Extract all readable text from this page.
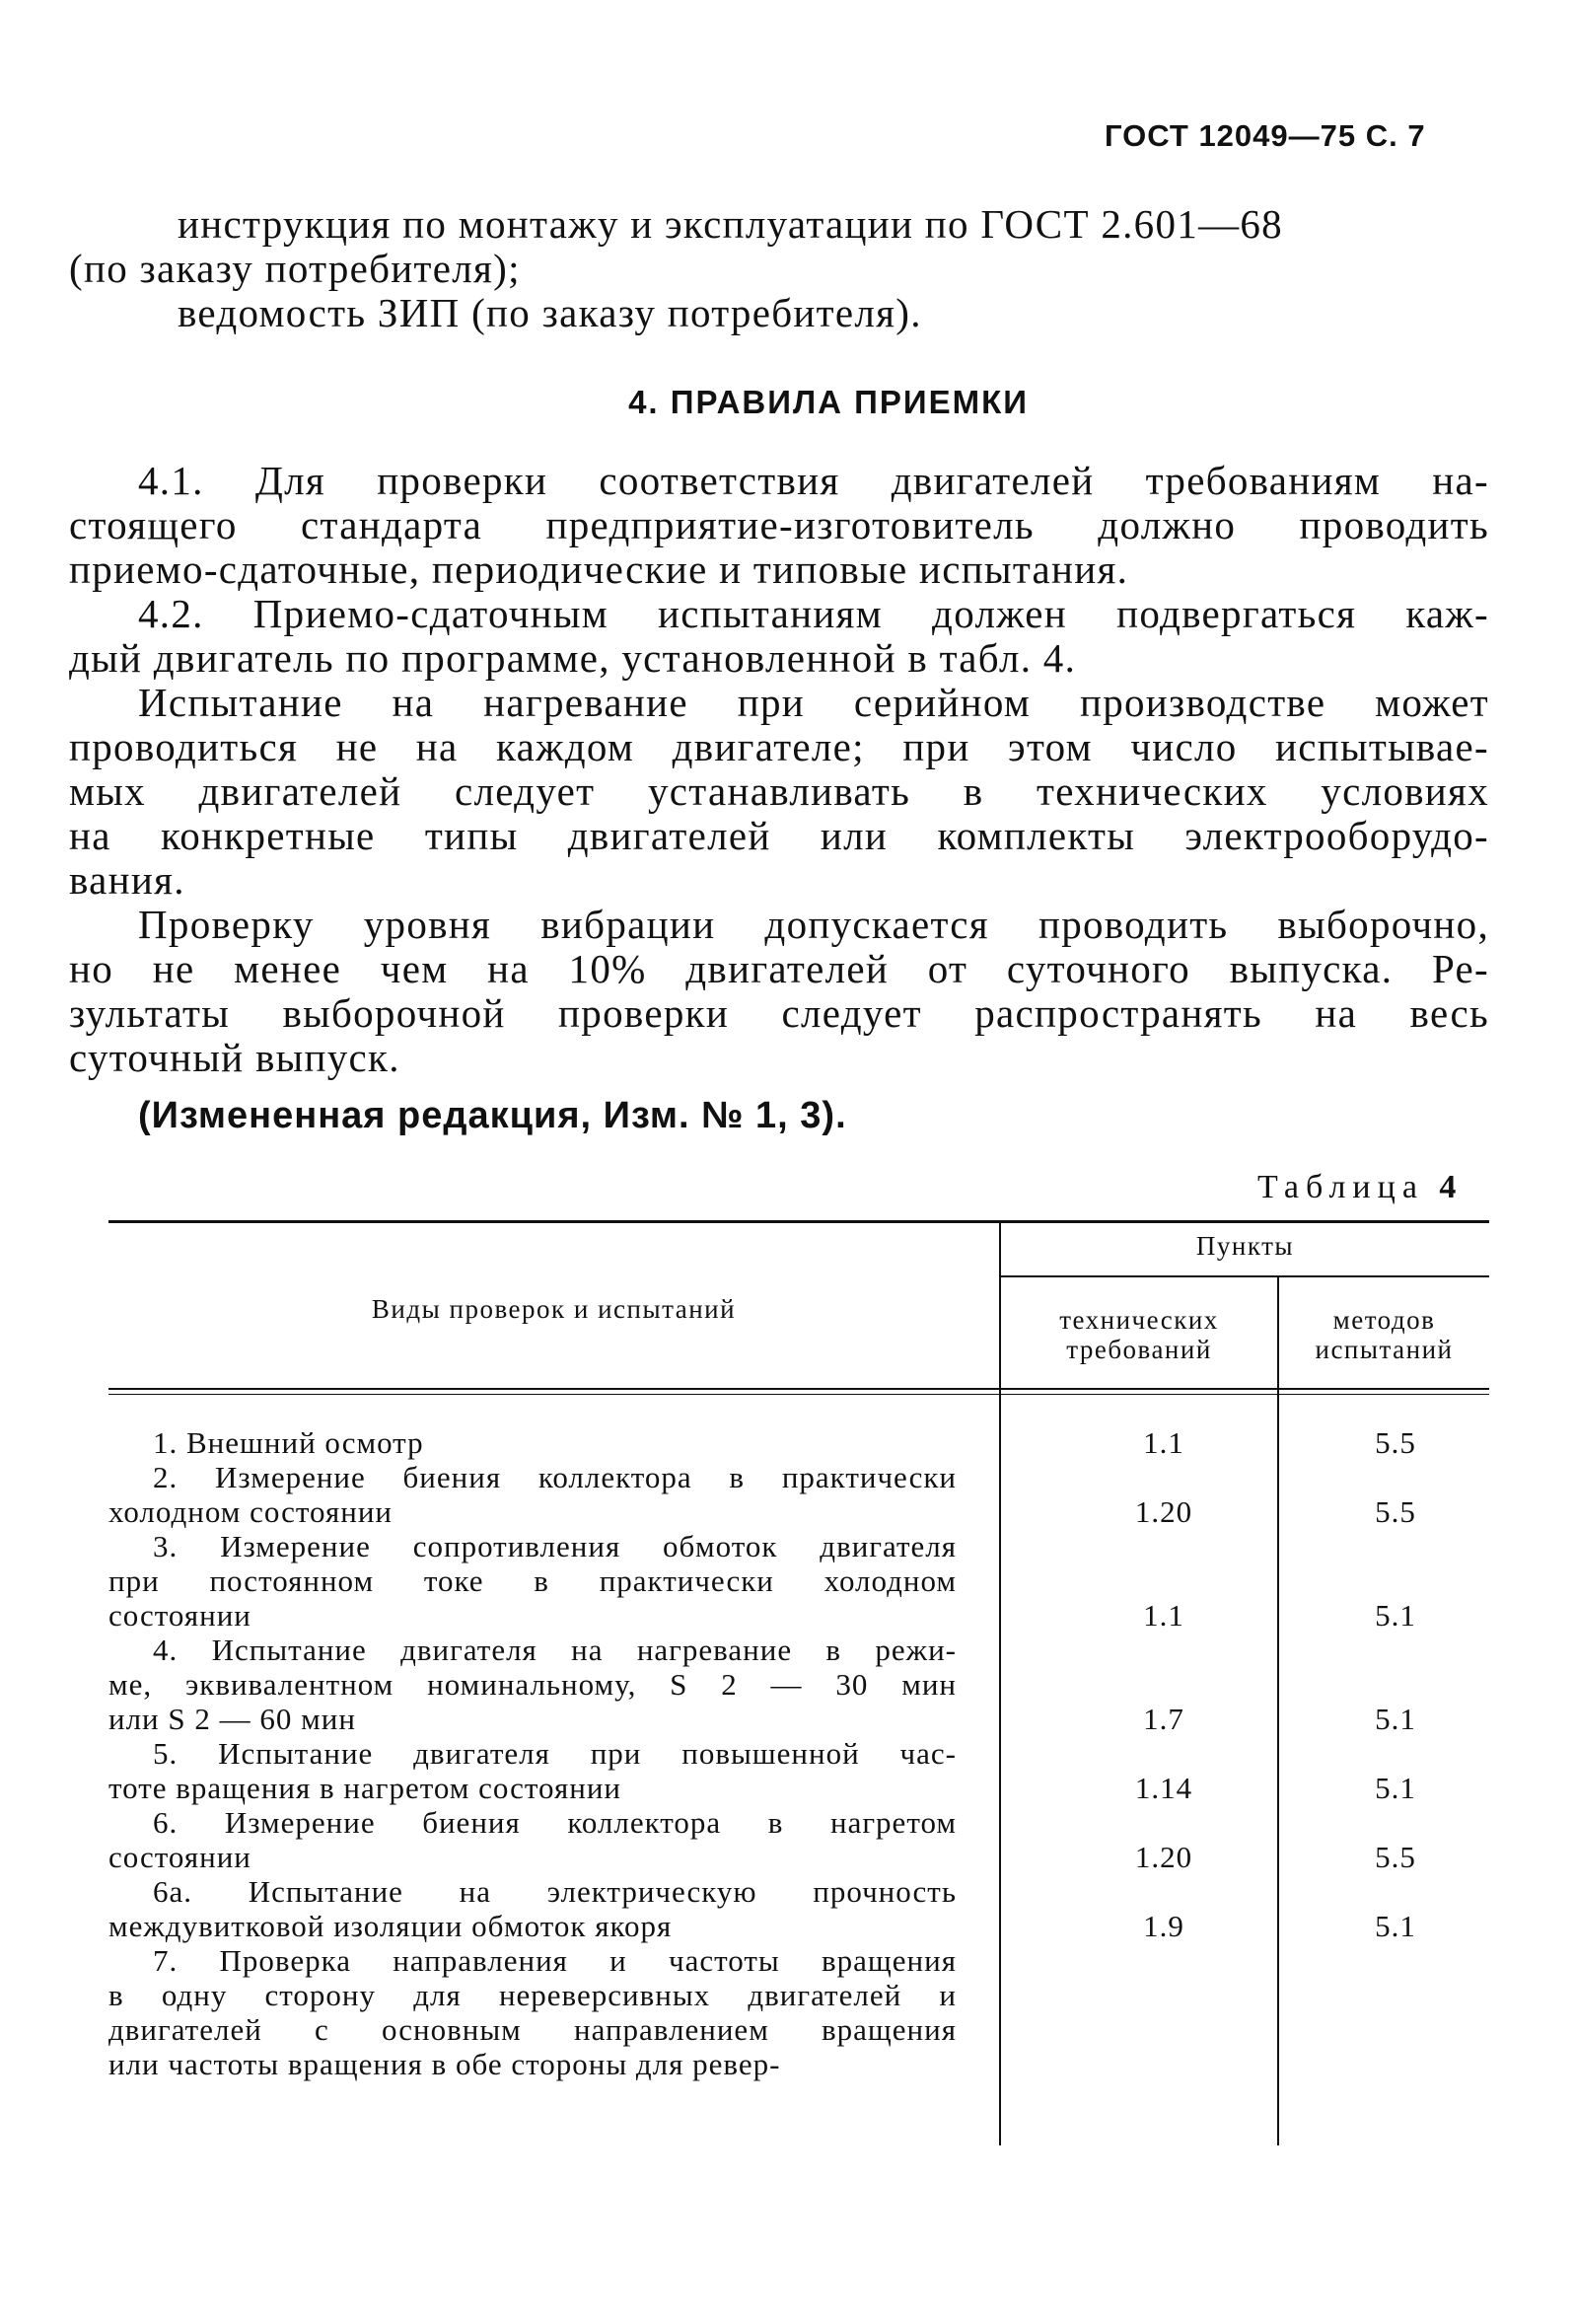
ГОСТ 12049—75 С. 7
инструкция по монтажу и эксплуатации по ГОСТ 2.601—68
(по заказу потребителя);
ведомость ЗИП (по заказу потребителя).
4. ПРАВИЛА ПРИЕМКИ
4.1. Для проверки соответствия двигателей требованиям на-
стоящего стандарта предприятие-изготовитель должно проводить
приемо-сдаточные, периодические и типовые испытания.
4.2. Приемо-сдаточным испытаниям должен подвергаться каж-
дый двигатель по программе, установленной в табл. 4.
Испытание на нагревание при серийном производстве может
проводиться не на каждом двигателе; при этом число испытывае-
мых двигателей следует устанавливать в технических условиях
на конкретные типы двигателей или комплекты электрооборудо-
вания.
Проверку уровня вибрации допускается проводить выборочно,
но не менее чем на 10% двигателей от суточного выпуска. Ре-
зультаты выборочной проверки следует распространять на весь
суточный выпуск.
(Измененная редакция, Изм. № 1, 3).
Таблица 4
Виды проверок и испытаний
Пункты
технических
требований
методов
испытаний
1. Внешний осмотр	1.1	5.5
2. Измерение биения коллектора в практически
холодном состоянии	1.20	5.5
3. Измерение сопротивления обмоток двигателя
при постоянном токе в практически холодном
состоянии	1.1	5.1
4. Испытание двигателя на нагревание в режи-
ме, эквивалентном номинальному, S 2 — 30 мин
или S 2 — 60 мин	1.7	5.1
5. Испытание двигателя при повышенной час-
тоте вращения в нагретом состоянии	1.14	5.1
6. Измерение биения коллектора в нагретом
состоянии	1.20	5.5
6а. Испытание на электрическую прочность
междувитковой изоляции обмоток якоря	1.9	5.1
7. Проверка направления и частоты вращения
в одну сторону для нереверсивных двигателей и
двигателей с основным направлением вращения
или частоты вращения в обе стороны для ревер-
